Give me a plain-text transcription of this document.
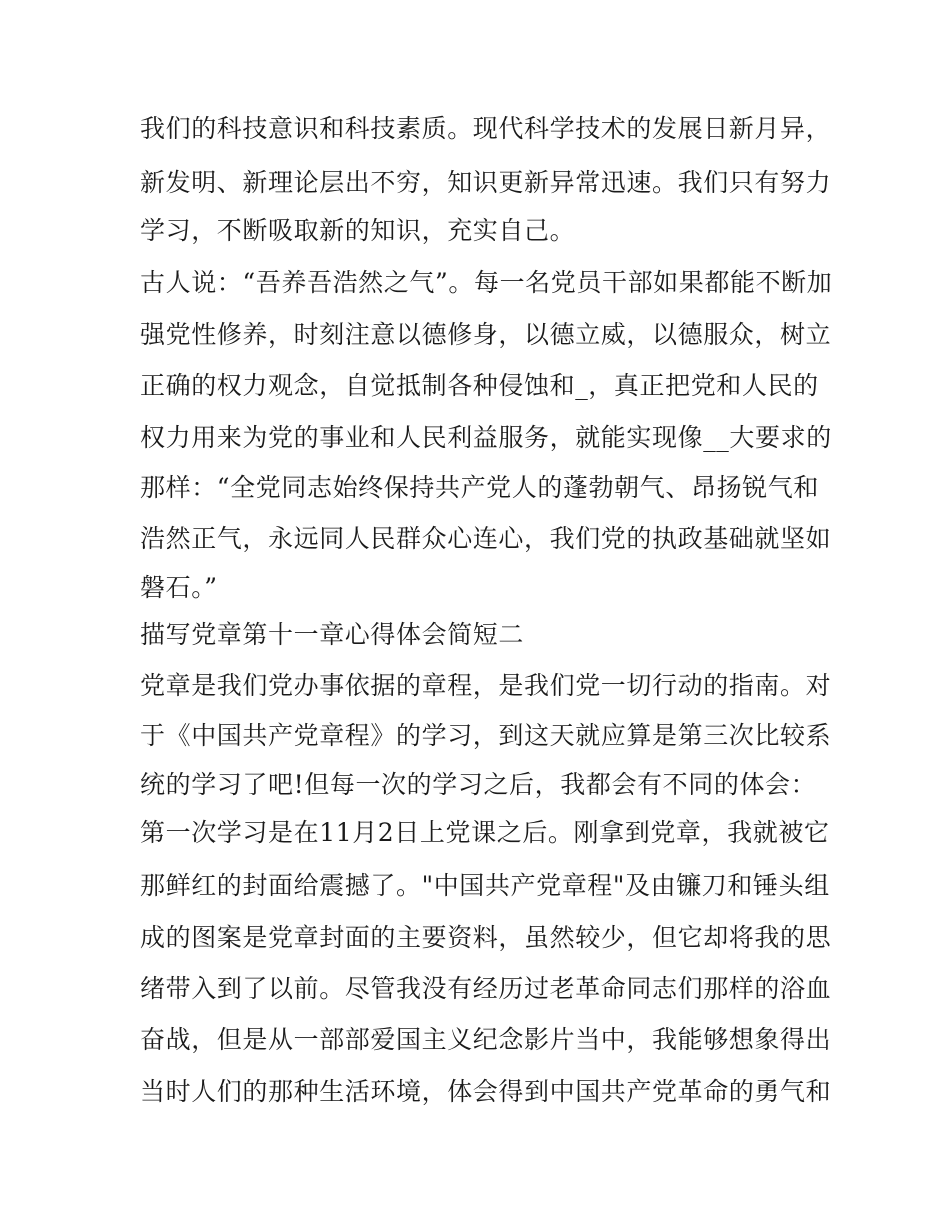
我们的科技意识和科技素质。现代科学技术的发展日新月异，
新发明、新理论层出不穷，知识更新异常迅速。我们只有努力
学习，不断吸取新的知识，充实自己。
古人说：“吾养吾浩然之气”。每一名党员干部如果都能不断加
强党性修养，时刻注意以德修身，以德立威，以德服众，树立
正确的权力观念，自觉抵制各种侵蚀和_，真正把党和人民的
权力用来为党的事业和人民利益服务，就能实现像__大要求的
那样：“全党同志始终保持共产党人的蓬勃朝气、昂扬锐气和
浩然正气，永远同人民群众心连心，我们党的执政基础就坚如
磐石。”
描写党章第十一章心得体会简短二
党章是我们党办事依据的章程，是我们党一切行动的指南。对
于《中国共产党章程》的学习，到这天就应算是第三次比较系
统的学习了吧!但每一次的学习之后，我都会有不同的体会：
第一次学习是在11月2日上党课之后。刚拿到党章，我就被它
那鲜红的封面给震撼了。"中国共产党章程"及由镰刀和锤头组
成的图案是党章封面的主要资料，虽然较少，但它却将我的思
绪带入到了以前。尽管我没有经历过老革命同志们那样的浴血
奋战，但是从一部部爱国主义纪念影片当中，我能够想象得出
当时人们的那种生活环境，体会得到中国共产党革命的勇气和
